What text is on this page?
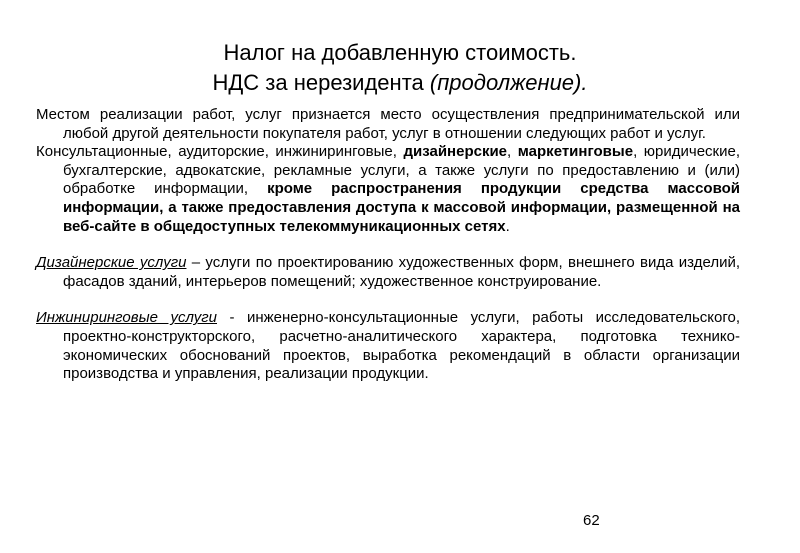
Налог на добавленную стоимость.
НДС за нерезидента (продолжение).

Местом реализации работ, услуг признается место осуществления предпринимательской или любой другой деятельности покупателя работ, услуг в отношении следующих работ и услуг.

Консультационные, аудиторские, инжиниринговые, дизайнерские, маркетинговые, юридические, бухгалтерские, адвокатские, рекламные услуги, а также услуги по предоставлению и (или) обработке информации, кроме распространения продукции средства массовой информации, а также предоставления доступа к массовой информации, размещенной на веб-сайте в общедоступных телекоммуникационных сетях.

Дизайнерские услуги – услуги по проектированию художественных форм, внешнего вида изделий, фасадов зданий, интерьеров помещений; художественное конструирование.

Инжиниринговые услуги - инженерно-консультационные услуги, работы исследовательского, проектно-конструкторского, расчетно-аналитического характера, подготовка технико-экономических обоснований проектов, выработка рекомендаций в области организации производства и управления, реализации продукции.

62
